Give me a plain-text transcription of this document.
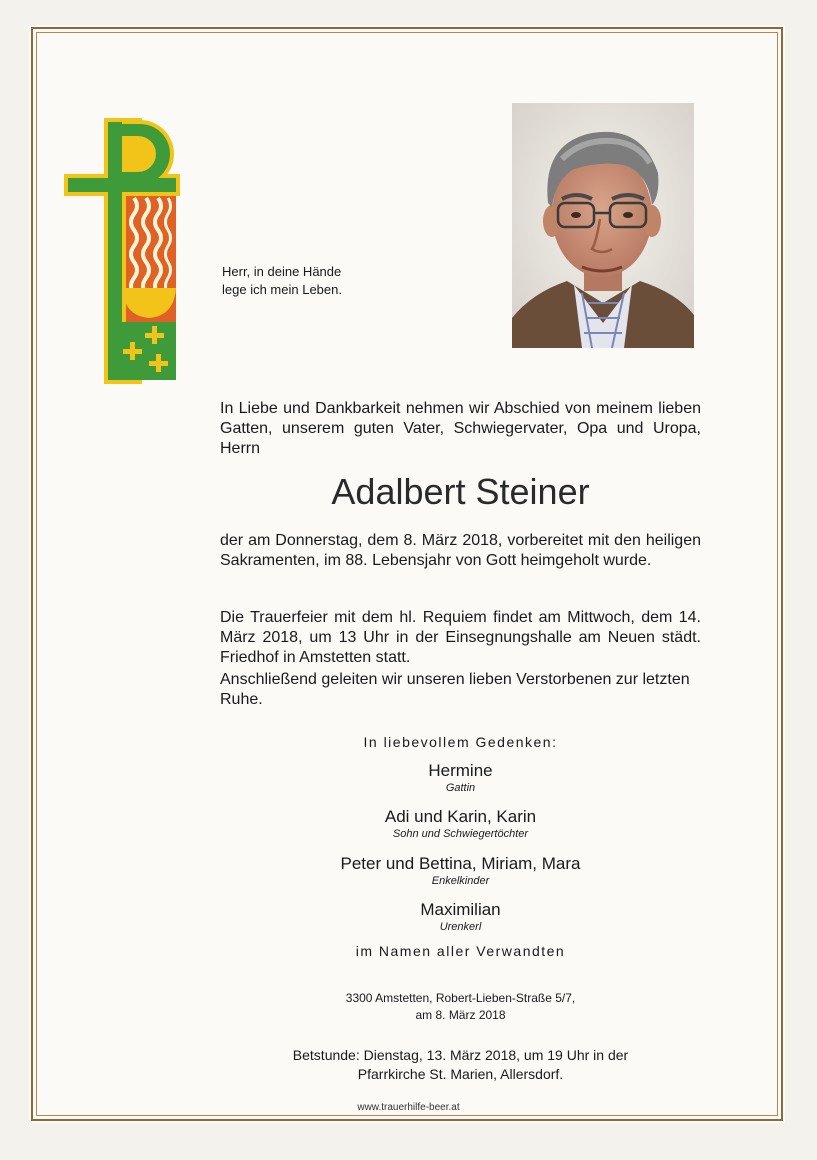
Herr, in deine Hände
lege ich mein Leben.
In Liebe und Dankbarkeit nehmen wir Abschied von meinem lieben Gatten, unserem guten Vater, Schwiegervater, Opa und Uropa, Herrn
Adalbert Steiner
der am Donnerstag, dem 8. März 2018, vorbereitet mit den heiligen Sakramenten, im 88. Lebensjahr von Gott heimgeholt wurde.
Die Trauerfeier mit dem hl. Requiem findet am Mittwoch, dem 14. März 2018, um 13 Uhr in der Einsegnungshalle am Neuen städt. Friedhof in Amstetten statt.
Anschließend geleiten wir unseren lieben Verstorbenen zur letzten Ruhe.
In liebevollem Gedenken:
Hermine
Gattin
Adi und Karin, Karin
Sohn und Schwiegertöchter
Peter und Bettina, Miriam, Mara
Enkelkinder
Maximilian
Urenkerl
im Namen aller Verwandten
3300 Amstetten, Robert-Lieben-Straße 5/7,
am 8. März 2018
Betstunde: Dienstag, 13. März 2018, um 19 Uhr in der
Pfarrkirche St. Marien, Allersdorf.
www.trauerhilfe-beer.at
